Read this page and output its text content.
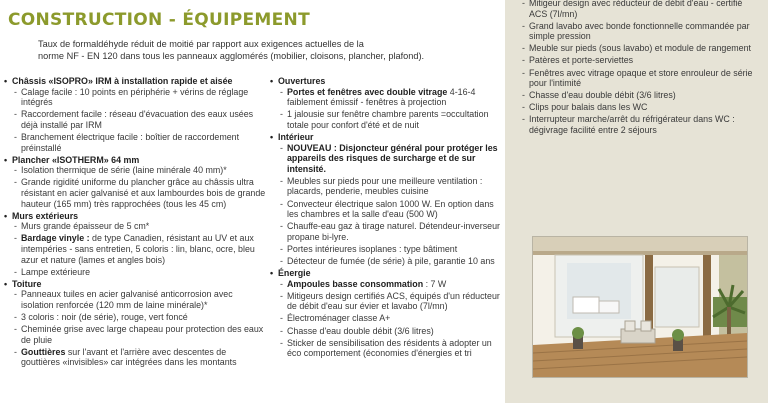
CONSTRUCTION - ÉQUIPEMENT
Taux de formaldéhyde réduit de moitié par rapport aux exigences actuelles de la
norme NF - EN 120 dans tous les panneaux agglomérés (mobilier, cloisons, plancher, plafond).
• Châssis «ISOPRO» IRM à installation rapide et aisée
- Calage facile : 10 points en périphérie + vérins de réglage intégrés
- Raccordement facile : réseau d'évacuation des eaux usées déjà installé par IRM
- Branchement électrique facile : boîtier de raccordement préinstallé
• Plancher «ISOTHERM» 64 mm
- Isolation thermique de série (laine minérale 40 mm)*
- Grande rigidité uniforme du plancher grâce au châssis ultra résistant en acier galvanisé et aux lambourdes bois de grande hauteur (165 mm) très rapprochées (tous les 45 cm)
• Murs extérieurs
- Murs grande épaisseur de 5 cm*
- Bardage vinyle : de type Canadien, résistant au UV et aux intempéries - sans entretien, 5 coloris : lin, blanc, ocre, bleu azur et nature (lames et angles bois)
- Lampe extérieure
• Toiture
- Panneaux tuiles en acier galvanisé anticorrosion avec isolation renforcée (120 mm de laine minérale)*
- 3 coloris : noir (de série), rouge, vert foncé
- Cheminée grise avec large chapeau pour protection des eaux de pluie
- Gouttières sur l'avant et l'arrière avec descentes de gouttières «invisibles» car intégrées dans les montants
• Ouvertures
- Portes et fenêtres avec double vitrage 4-16-4 faiblement émissif - fenêtres à projection
- 1 jalousie sur fenêtre chambre parents =occultation totale pour confort d'été et de nuit
• Intérieur
- NOUVEAU : Disjoncteur général pour protéger les appareils des risques de surcharge et de sur intensité.
- Meubles sur pieds pour une meilleure ventilation : placards, penderie, meubles cuisine
- Convecteur électrique salon 1000 W. En option dans les chambres et la salle d'eau (500 W)
- Chauffe-eau gaz à tirage naturel. Détendeur-inverseur propane bi-lyre.
- Portes intérieures isoplanes : type bâtiment
- Détecteur de fumée (de série) à pile, garantie 10 ans
• Énergie
- Ampoules basse consommation : 7 W
- Mitigeurs design certifiés ACS, équipés d'un réducteur de débit d'eau sur évier et lavabo (7l/mn)
- Électroménager classe A+
- Chasse d'eau double débit (3/6 litres)
- Sticker de sensibilisation des résidents à adopter un éco comportement (économies d'énergies et tri
- Mitigeur design avec réducteur de débit d'eau - certifié ACS (7l/mn)
- Grand lavabo avec bonde fonctionnelle commandée par simple pression
- Meuble sur pieds (sous lavabo) et module de rangement
- Patères et porte-serviettes
- Fenêtres avec vitrage opaque et store enrouleur de série pour l'intimité
- Chasse d'eau double débit (3/6 litres)
- Clips pour balais dans les WC
- Interrupteur marche/arrêt du réfrigérateur dans WC : dégivrage facilité entre 2 séjours
